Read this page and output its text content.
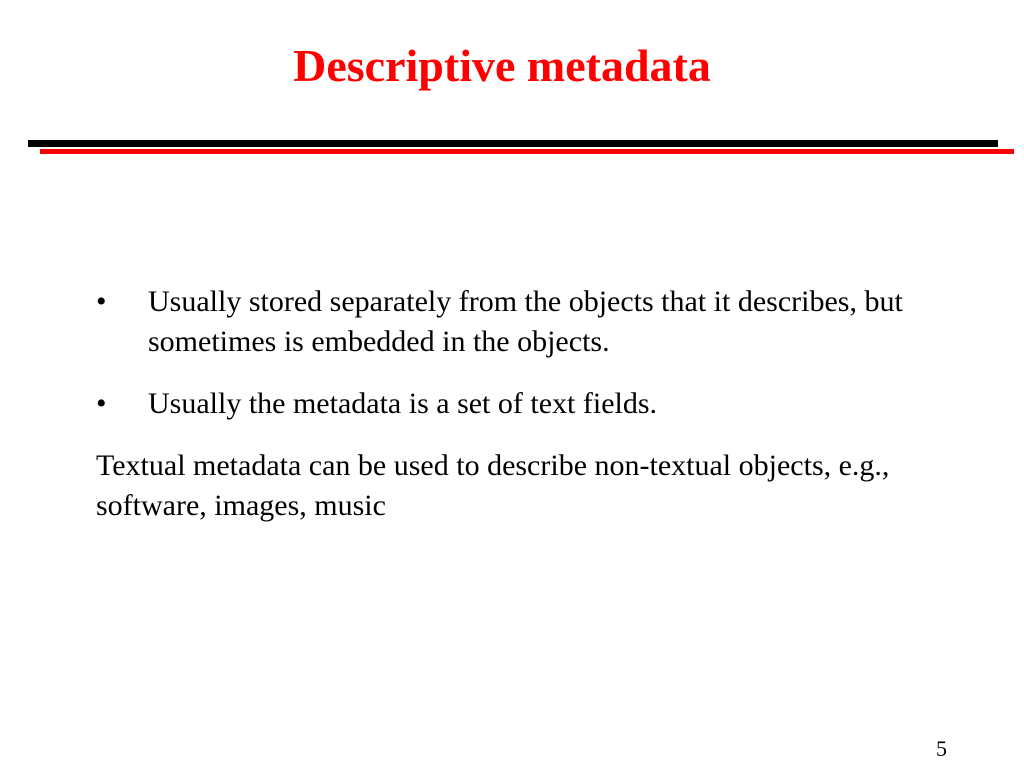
Descriptive metadata
• Usually stored separately from the objects that it describes, but sometimes is embedded in the objects.
• Usually the metadata is a set of text fields.

Textual metadata can be used to describe non-textual objects, e.g., software, images, music

5
